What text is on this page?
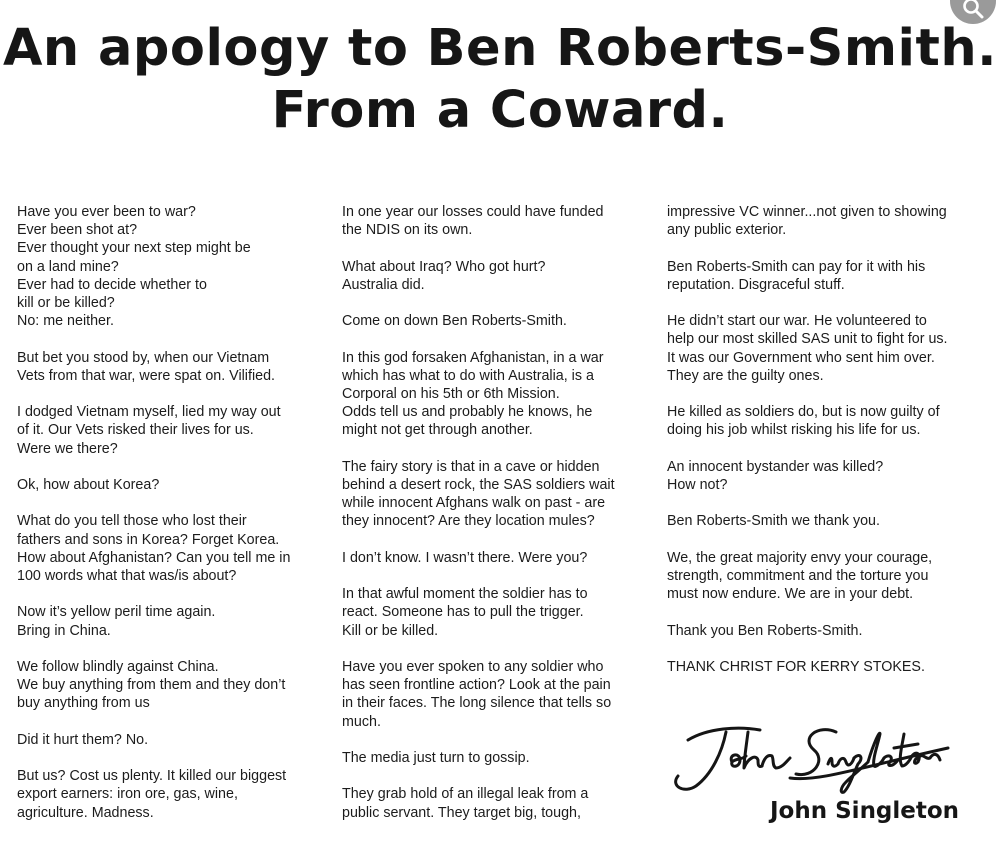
An apology to Ben Roberts-Smith.
From a Coward.

Have you ever been to war?
Ever been shot at?
Ever thought your next step might be
on a land mine?
Ever had to decide whether to
kill or be killed?
No: me neither.

But bet you stood by, when our Vietnam
Vets from that war, were spat on. Vilified.

I dodged Vietnam myself, lied my way out
of it. Our Vets risked their lives for us.
Were we there?

Ok, how about Korea?

What do you tell those who lost their
fathers and sons in Korea? Forget Korea.
How about Afghanistan? Can you tell me in
100 words what that was/is about?

Now it’s yellow peril time again.
Bring in China.

We follow blindly against China.
We buy anything from them and they don’t
buy anything from us

Did it hurt them? No.

But us? Cost us plenty. It killed our biggest
export earners: iron ore, gas, wine,
agriculture. Madness.

In one year our losses could have funded
the NDIS on its own.

What about Iraq? Who got hurt?
Australia did.

Come on down Ben Roberts-Smith.

In this god forsaken Afghanistan, in a war
which has what to do with Australia, is a
Corporal on his 5th or 6th Mission.
Odds tell us and probably he knows, he
might not get through another.

The fairy story is that in a cave or hidden
behind a desert rock, the SAS soldiers wait
while innocent Afghans walk on past - are
they innocent? Are they location mules?

I don’t know. I wasn’t there. Were you?

In that awful moment the soldier has to
react. Someone has to pull the trigger.
Kill or be killed.

Have you ever spoken to any soldier who
has seen frontline action? Look at the pain
in their faces. The long silence that tells so
much.

The media just turn to gossip.

They grab hold of an illegal leak from a
public servant. They target big, tough,

impressive VC winner...not given to showing
any public exterior.

Ben Roberts-Smith can pay for it with his
reputation. Disgraceful stuff.

He didn’t start our war. He volunteered to
help our most skilled SAS unit to fight for us.
It was our Government who sent him over.
They are the guilty ones.

He killed as soldiers do, but is now guilty of
doing his job whilst risking his life for us.

An innocent bystander was killed?
How not?

Ben Roberts-Smith we thank you.

We, the great majority envy your courage,
strength, commitment and the torture you
must now endure. We are in your debt.

Thank you Ben Roberts-Smith.

THANK CHRIST FOR KERRY STOKES.

John Singleton
